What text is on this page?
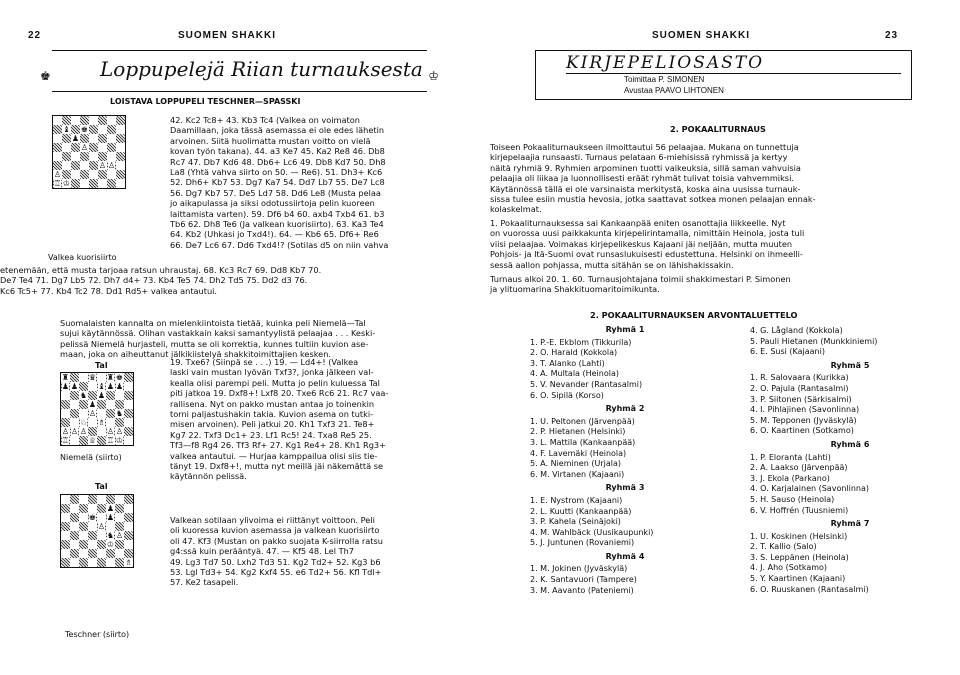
22	SUOMEN SHAKKI
♚ Loppupelejä Riian turnauksesta ♔
LOISTAVA LOPPUPELI TESCHNER—SPASSKI
♝ ♚
♟
♙
♙ ♙
♙
♖ ♔
42. Kc2 Tc8+ 43. Kb3 Tc4 (Valkea on voimaton
Daamillaan, joka tässä asemassa ei ole edes lähetin
arvoinen. Siitä huolimatta mustan voitto on vielä
kovan työn takana). 44. a3 Ke7 45. Ka2 Re8 46. Db8
Rc7 47. Db7 Kd6 48. Db6+ Lc6 49. Db8 Kd7 50. Dh8
La8 (Yhtä vahva siirto on 50. — Re6). 51. Dh3+ Kc6
52. Dh6+ Kb7 53. Dg7 Ka7 54. Dd7 Lb7 55. De7 Lc8
56. Dg7 Kb7 57. De5 Ld7 58. Dd6 Le8 (Musta pelaa
jo aikapulassa ja siksi odotussiirtoja pelin kuoreen
laittamista varten). 59. Df6 b4 60. axb4 Txb4 61. b3
Tb6 62. Dh8 Te6 (Ja valkean kuorisiirto). 63. Ka3 Te4
64. Kb2 (Uhkasi jo Txd4!). 64. — Kb6 65. Df6+ Re6
66. De7 Lc6 67. Dd6 Txd4!? (Sotilas d5 on niin vahva
Valkea kuorisiirto
etenemään, että musta tarjoaa ratsun uhraustaj. 68. Kc3 Rc7 69. Dd8 Kb7 70.
De7 Te4 71. Dg7 Lb5 72. Dh7 d4+ 73. Kb4 Te5 74. Dh2 Td5 75. Dd2 d3 76.
Kc6 Tc5+ 77. Kb4 Tc2 78. Dd1 Rd5+ valkea antautui.
Suomalaisten kannalta on mielenkiintoista tietää, kuinka peli Niemelä—Tal
sujui käytännössä. Olihan vastakkain kaksi samantyylistä pelaajaa . . . Keski-
pelissä Niemelä hurjasteli, mutta se oli korrektia, kunnes tultiin kuvion ase-
maan, joka on aiheuttanut jälkikiistelyä shakkitoimittajien kesken.
Tal
♜ ♛ ♜ ♚
♟ ♟ ♝ ♟ ♟
♞ ♟
♟
♙ ♞
♘ ♗
♙ ♙ ♙ ♙ ♙
♖ ♕ ♖ ♔
19. Txe6? (Siinpä se . . .) 19. — Ld4+! (Valkea
laski vain mustan lyövän Txf3?, jonka jälkeen val-
kealla olisi parempi peli. Mutta jo pelin kuluessa Tal
piti jatkoa 19. Dxf8+! Lxf8 20. Txe6 Rc6 21. Rc7 vaa-
rallisena. Nyt on pakko mustan antaa jo toinenkin
torni paljastushakin takia. Kuvion asema on tutki-
misen arvoinen). Peli jatkui 20. Kh1 Txf3 21. Te8+
Kg7 22. Txf3 Dc1+ 23. Lf1 Rc5! 24. Txa8 Re5 25.
Tf3—f8 Rg4 26. Tf3 Rf+ 27. Kg1 Re4+ 28. Kh1 Rg3+
valkea antautui. — Hurjaa kamppailua olisi siis tie-
tänyt 19. Dxf8+!, mutta nyt meillä jäi näkemättä se
käytännön pelissä.
Niemelä (siirto)
Tal
♟
♚ ♟
♙
♞ ♙
♔
♗
Valkean sotilaan ylivoima ei riittänyt voittoon. Peli
oli kuoressa kuvion asemassa ja valkean kuorisiirto
oli 47. Kf3 (Mustan on pakko suojata K-siirrolla ratsu
g4:ssä kuin perääntyä. 47. — Kf5 48. Lel Th7
49. Lg3 Td7 50. Lxh2 Td3 51. Kg2 Td2+ 52. Kg3 b6
53. Lgl Td3+ 54. Kg2 Kxf4 55. e6 Td2+ 56. Kfl Tdl+
57. Ke2 tasapeli.
Teschner (siirto)
SUOMEN SHAKKI	23
KIRJEPELIOSASTO
Toimittaa P. SIMONEN
Avustaa PAAVO LIHTONEN
2. POKAALITURNAUS
Toiseen Pokaaliturnaukseen ilmoittautui 56 pelaajaa. Mukana on tunnettuja
kirjepelaajia runsaasti. Turnaus pelataan 6-miehisissä ryhmissä ja kertyy
näitä ryhmiä 9. Ryhmien arpominen tuotti vaikeuksia, sillä saman vahvuisia
pelaajia oli liikaa ja luonnollisesti eräät ryhmät tulivat toisia vahvemmiksi.
Käytännössä tällä ei ole varsinaista merkitystä, koska aina uusissa turnauk-
sissa tulee esiin mustia hevosia, jotka saattavat sotkea monen pelaajan ennak-
kolaskelmat.
1. Pokaaliturnauksessa sai Kankaanpää eniten osanottajia liikkeelle. Nyt
on vuorossa uusi paikkakunta kirjepelirintamalla, nimittäin Heinola, josta tuli
viisi pelaajaa. Voimakas kirjepelikeskus Kajaani jäi neljään, mutta muuten
Pohjois- ja Itä-Suomi ovat runsaslukuisesti edustettuna. Helsinki on ihmeelli-
sessä aallon pohjassa, mutta sitähän se on lähishakissakin.
Turnaus alkoi 20. 1. 60. Turnausjohtajana toimii shakkimestari P. Simonen
ja ylituomarina Shakkituomaritoimikunta.
2. POKAALITURNAUKSEN ARVONTALUETTELO
Ryhmä 1
1. P.-E. Ekblom (Tikkurila)
2. O. Harald (Kokkola)
3. T. Alanko (Lahti)
4. A. Multala (Heinola)
5. V. Nevander (Rantasalmi)
6. O. Sipilä (Korso)
Ryhmä 2
1. U. Peltonen (Järvenpää)
2. P. Hietanen (Helsinki)
3. L. Mattila (Kankaanpää)
4. F. Lavemäki (Heinola)
5. A. Nieminen (Urjala)
6. M. Virtanen (Kajaani)
Ryhmä 3
1. E. Nystrom (Kajaani)
2. L. Kuutti (Kankaanpää)
3. P. Kahela (Seinäjoki)
4. M. Wahlbäck (Uusikaupunki)
5. J. Juntunen (Rovaniemi)
Ryhmä 4
1. M. Jokinen (Jyväskylä)
2. K. Santavuori (Tampere)
3. M. Aavanto (Pateniemi)
4. G. Lågland (Kokkola)
5. Pauli Hietanen (Munkkiniemi)
6. E. Susi (Kajaani)
Ryhmä 5
1. R. Salovaara (Kurikka)
2. O. Pajula (Rantasalmi)
3. P. Siitonen (Särkisalmi)
4. I. Pihlajinen (Savonlinna)
5. M. Tepponen (Jyväskylä)
6. O. Kaartinen (Sotkamo)
Ryhmä 6
1. P. Eloranta (Lahti)
2. A. Laakso (Järvenpää)
3. J. Ekola (Parkano)
4. O. Karjalainen (Savonlinna)
5. H. Sauso (Heinola)
6. V. Hoffrén (Tuusniemi)
Ryhmä 7
1. U. Koskinen (Helsinki)
2. T. Kallio (Salo)
3. S. Leppänen (Heinola)
4. J. Aho (Sotkamo)
5. Y. Kaartinen (Kajaani)
6. O. Ruuskanen (Rantasalmi)
